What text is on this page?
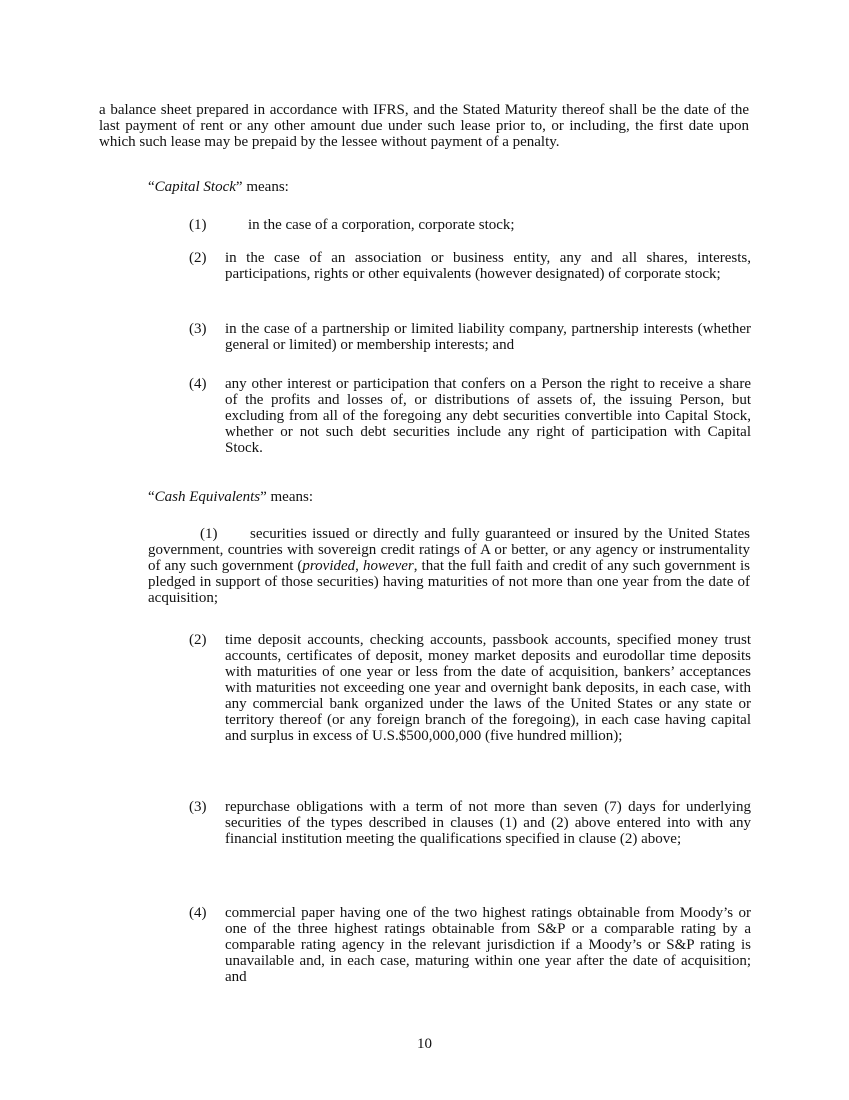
a balance sheet prepared in accordance with IFRS, and the Stated Maturity thereof shall be the date of the last payment of rent or any other amount due under such lease prior to, or including, the first date upon which such lease may be prepaid by the lessee without payment of a penalty.

“Capital Stock” means:

(1)	in the case of a corporation, corporate stock;
(2) in the case of an association or business entity, any and all shares, interests, participations, rights or other equivalents (however designated) of corporate stock;
(3) in the case of a partnership or limited liability company, partnership interests (whether general or limited) or membership interests; and
(4) any other interest or participation that confers on a Person the right to receive a share of the profits and losses of, or distributions of assets of, the issuing Person, but excluding from all of the foregoing any debt securities convertible into Capital Stock, whether or not such debt securities include any right of participation with Capital Stock.

“Cash Equivalents” means:

(1) securities issued or directly and fully guaranteed or insured by the United States government, countries with sovereign credit ratings of A or better, or any agency or instrumentality of any such government (provided, however, that the full faith and credit of any such government is pledged in support of those securities) having maturities of not more than one year from the date of acquisition;

(2) time deposit accounts, checking accounts, passbook accounts, specified money trust accounts, certificates of deposit, money market deposits and eurodollar time deposits with maturities of one year or less from the date of acquisition, bankers’ acceptances with maturities not exceeding one year and overnight bank deposits, in each case, with any commercial bank organized under the laws of the United States or any state or territory thereof (or any foreign branch of the foregoing), in each case having capital and surplus in excess of U.S.$500,000,000 (five hundred million);
(3) repurchase obligations with a term of not more than seven (7) days for underlying securities of the types described in clauses (1) and (2) above entered into with any financial institution meeting the qualifications specified in clause (2) above;
(4) commercial paper having one of the two highest ratings obtainable from Moody’s or one of the three highest ratings obtainable from S&P or a comparable rating by a comparable rating agency in the relevant jurisdiction if a Moody’s or S&P rating is unavailable and, in each case, maturing within one year after the date of acquisition; and
10
